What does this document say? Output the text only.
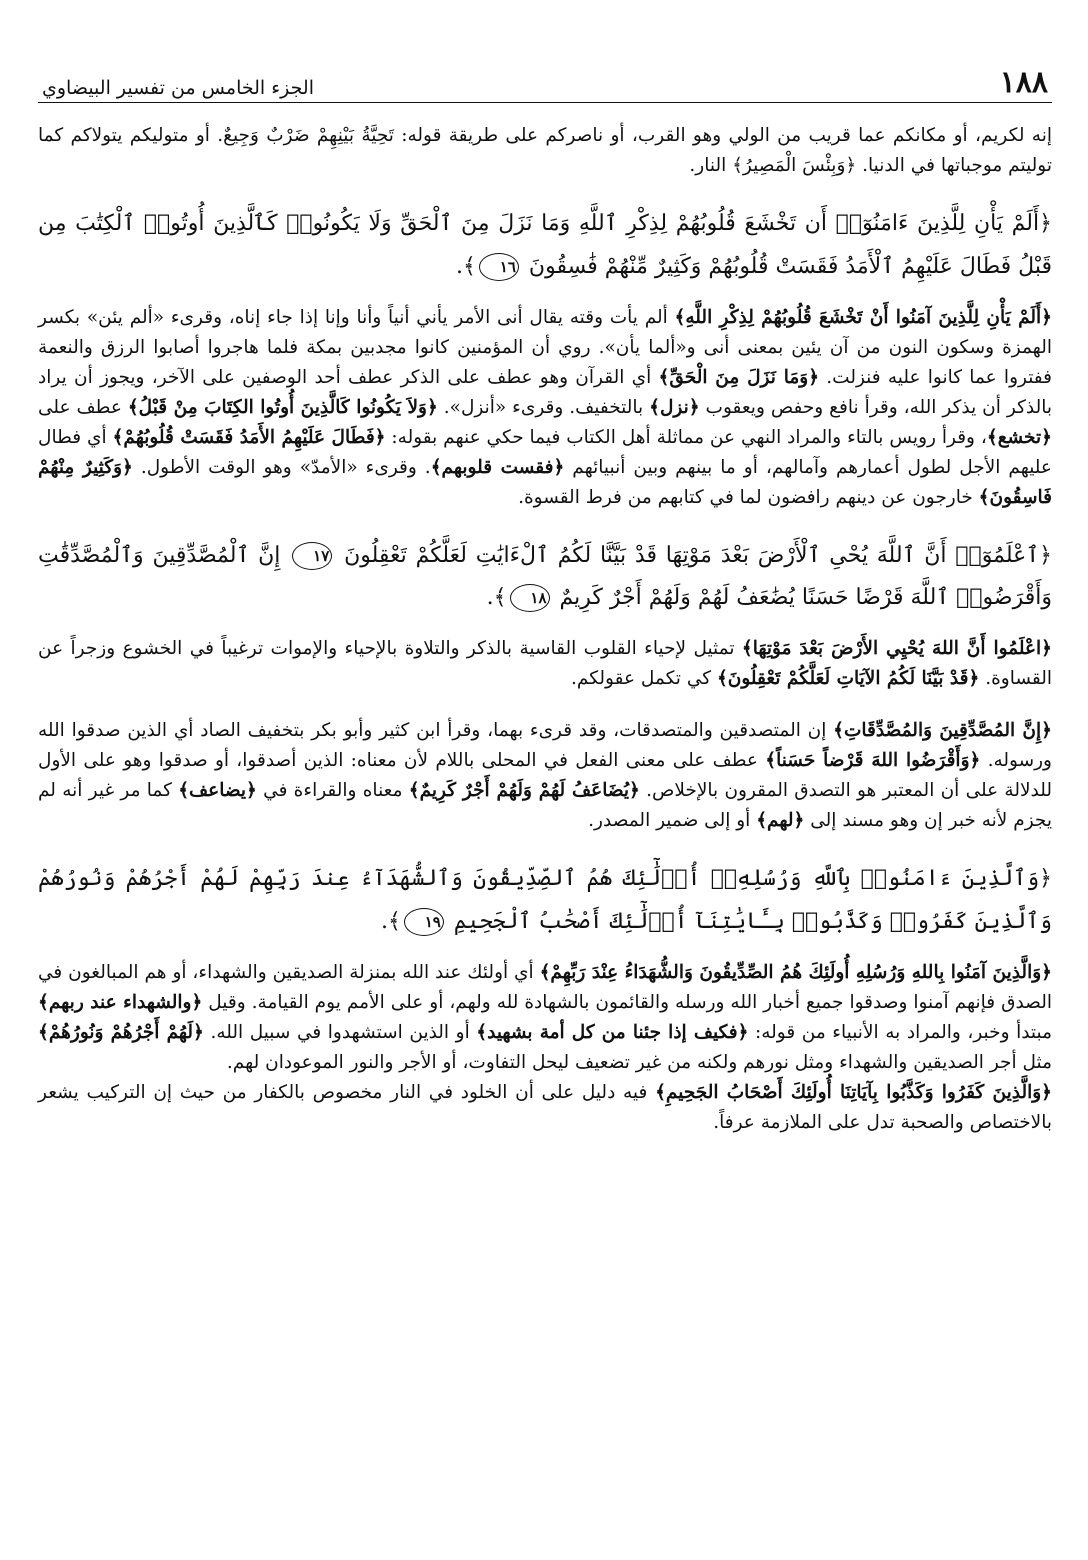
١٨٨
الجزء الخامس من تفسير البيضاوي

إنه لكريم، أو مكانكم عما قريب من الولي وهو القرب، أو ناصركم على طريقة قوله: تَحِيَّةُ بَيْنِهِمْ ضَرْبٌ وَجِيعٌ. أو متوليكم يتولاكم كما توليتم موجباتها في الدنيا. ﴿وَبِئْسَ الْمَصِيرُ﴾ النار.

﴿أَلَمْ يَأْنِ لِلَّذِينَ ءَامَنُوٓا۟ أَن تَخْشَعَ قُلُوبُهُمْ لِذِكْرِ ٱللَّهِ وَمَا نَزَلَ مِنَ ٱلْحَقِّ وَلَا يَكُونُوا۟ كَٱلَّذِينَ أُوتُوا۟ ٱلْكِتَٰبَ مِن قَبْلُ فَطَالَ عَلَيْهِمُ ٱلْأَمَدُ فَقَسَتْ قُلُوبُهُمْ وَكَثِيرٌ مِّنْهُمْ فَٰسِقُونَ ١٦﴾.

﴿أَلَمْ يَأْنِ لِلَّذِينَ آمَنُوا أَنْ تَخْشَعَ قُلُوبُهُمْ لِذِكْرِ اللَّهِ﴾ ألم يأت وقته يقال أنى الأمر يأني أنياً وأنا وإنا إذا جاء إناه، وقرىء «ألم يئن» بكسر الهمزة وسكون النون من آن يئين بمعنى أنى و«ألما يأن». روي أن المؤمنين كانوا مجدبين بمكة فلما هاجروا أصابوا الرزق والنعمة ففتروا عما كانوا عليه فنزلت. ﴿وَمَا نَزَلَ مِنَ الْحَقِّ﴾ أي القرآن وهو عطف على الذكر عطف أحد الوصفين على الآخر، ويجوز أن يراد بالذكر أن يذكر الله، وقرأ نافع وحفص ويعقوب ﴿نزل﴾ بالتخفيف. وقرىء «أنزل». ﴿وَلاَ يَكُونُوا كَالَّذِينَ أُوتُوا الكِتَابَ مِنْ قَبْلُ﴾ عطف على ﴿تخشع﴾، وقرأ رويس بالتاء والمراد النهي عن مماثلة أهل الكتاب فيما حكي عنهم بقوله: ﴿فَطَالَ عَلَيْهِمُ الأَمَدُ فَقَسَتْ قُلُوبُهُمْ﴾ أي فطال عليهم الأجل لطول أعمارهم وآمالهم، أو ما بينهم وبين أنبيائهم ﴿فقست قلوبهم﴾. وقرىء «الأمدّ» وهو الوقت الأطول. ﴿وَكَثِيرٌ مِنْهُمْ فَاسِقُونَ﴾ خارجون عن دينهم رافضون لما في كتابهم من فرط القسوة.

﴿ٱعْلَمُوٓا۟ أَنَّ ٱللَّهَ يُحْىِ ٱلْأَرْضَ بَعْدَ مَوْتِهَا قَدْ بَيَّنَّا لَكُمُ ٱلْءَايَٰتِ لَعَلَّكُمْ تَعْقِلُونَ ١٧ إِنَّ ٱلْمُصَّدِّقِينَ وَٱلْمُصَّدِّقَٰتِ وَأَقْرَضُوا۟ ٱللَّهَ قَرْضًا حَسَنًا يُضَٰعَفُ لَهُمْ وَلَهُمْ أَجْرٌ كَرِيمٌ ١٨﴾.

﴿اعْلَمُوا أَنَّ اللهَ يُحْيِي الأَرْضَ بَعْدَ مَوْتِهَا﴾ تمثيل لإحياء القلوب القاسية بالذكر والتلاوة بالإحياء والإموات ترغيباً في الخشوع وزجراً عن القساوة. ﴿قَدْ بَيَّنَا لَكُمُ الآيَاتِ لَعَلَّكُمْ تَعْقِلُونَ﴾ كي تكمل عقولكم.

﴿إِنَّ المُصَّدِّقِينَ وَالمُصَّدِّقَاتِ﴾ إن المتصدقين والمتصدقات، وقد قرىء بهما، وقرأ ابن كثير وأبو بكر بتخفيف الصاد أي الذين صدقوا الله ورسوله. ﴿وَأَقْرَضُوا اللهَ قَرْضاً حَسَناً﴾ عطف على معنى الفعل في المحلى باللام لأن معناه: الذين أصدقوا، أو صدقوا وهو على الأول للدلالة على أن المعتبر هو التصدق المقرون بالإخلاص. ﴿يُضَاعَفُ لَهُمْ وَلَهُمْ أَجْرٌ كَرِيمٌ﴾ معناه والقراءة في ﴿يضاعف﴾ كما مر غير أنه لم يجزم لأنه خبر إن وهو مسند إلى ﴿لهم﴾ أو إلى ضمير المصدر.

﴿وَٱلَّذِينَ ءَامَنُوا۟ بِٱللَّهِ وَرُسُلِهِۦٓ أُو۟لَٰٓئِكَ هُمُ ٱلصِّدِّيقُونَ وَٱلشُّهَدَآءُ عِندَ رَبِّهِمْ لَهُمْ أَجْرُهُمْ وَنُورُهُمْ وَٱلَّذِينَ كَفَرُوا۟ وَكَذَّبُوا۟ بِـَٔايَٰتِنَآ أُو۟لَٰٓئِكَ أَصْحَٰبُ ٱلْجَحِيمِ ١٩﴾.

﴿وَالَّذِينَ آمَنُوا بِاللهِ وَرُسُلِهِ أُولَئِكَ هُمُ الصِّدِّيقُونَ وَالشُّهَدَاءُ عِنْدَ رَبِّهِمْ﴾ أي أولئك عند الله بمنزلة الصديقين والشهداء، أو هم المبالغون في الصدق فإنهم آمنوا وصدقوا جميع أخبار الله ورسله والقائمون بالشهادة لله ولهم، أو على الأمم يوم القيامة. وقيل ﴿والشهداء عند ربهم﴾ مبتدأ وخبر، والمراد به الأنبياء من قوله: ﴿فكيف إذا جئنا من كل أمة بشهيد﴾ أو الذين استشهدوا في سبيل الله. ﴿لَهُمْ أَجْرُهُمْ وَنُورُهُمْ﴾ مثل أجر الصديقين والشهداء ومثل نورهم ولكنه من غير تضعيف ليحل التفاوت، أو الأجر والنور الموعودان لهم.

﴿وَالَّذِينَ كَفَرُوا وَكَذَّبُوا بِآيَاتِنَا أُولَئِكَ أَصْحَابُ الجَحِيمِ﴾ فيه دليل على أن الخلود في النار مخصوص بالكفار من حيث إن التركيب يشعر بالاختصاص والصحبة تدل على الملازمة عرفاً.
